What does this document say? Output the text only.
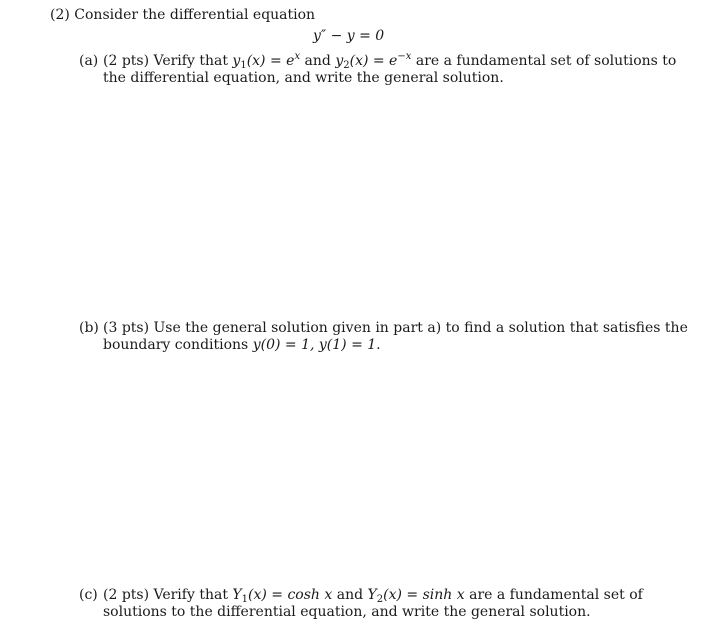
(2) Consider the differential equation
y″ − y = 0
(a) (2 pts) Verify that $y_1(x) = e^x$ and $y_2(x) = e^{-x}$ are a fundamental set of solutions to
the differential equation, and write the general solution.
(b) (3 pts) Use the general solution given in part a) to find a solution that satisfies the
boundary conditions y(0) = 1, y(1) = 1.
(c) (2 pts) Verify that $Y_1(x) = \cosh x$ and $Y_2(x) = \sinh x$ are a fundamental set of
solutions to the differential equation, and write the general solution.
